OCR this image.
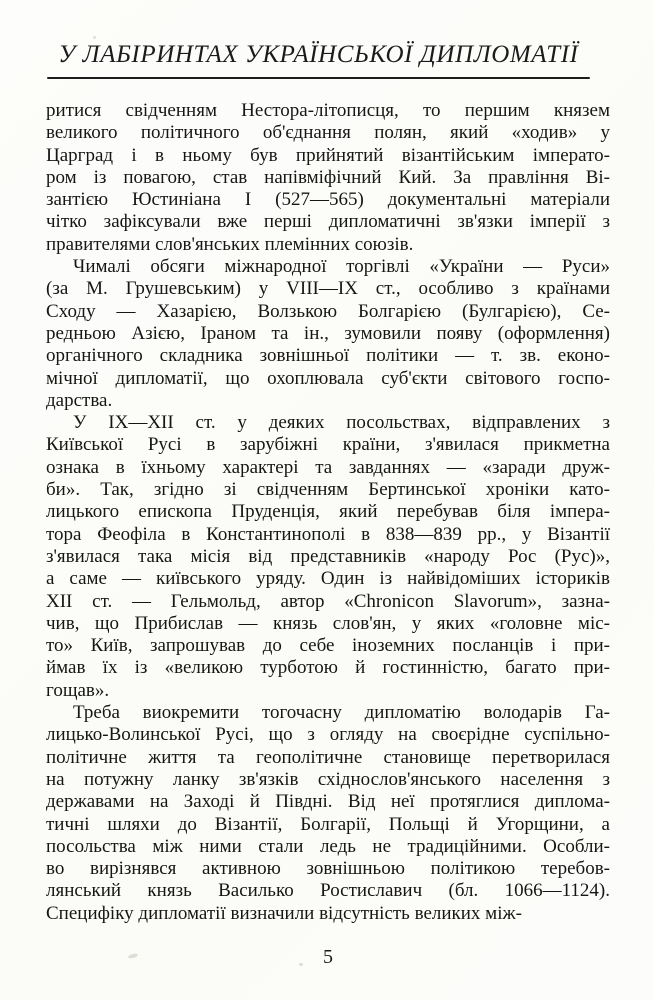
У ЛАБІРИНТАХ УКРАЇНСЬКОЇ ДИПЛОМАТІЇ
ритися свідченням Нестора-літописця, то першим князем
великого політичного об'єднання полян, який «ходив» у
Царград і в ньому був прийнятий візантійським імперато-
ром із повагою, став напівміфічний Кий. За правління Ві-
зантією Юстиніана І (527—565) документальні матеріали
чітко зафіксували вже перші дипломатичні зв'язки імперії з
правителями слов'янських племінних союзів.
Чималі обсяги міжнародної торгівлі «України — Руси»
(за М. Грушевським) у VIII—IX ст., особливо з країнами
Сходу — Хазарією, Волзькою Болгарією (Булгарією), Се-
редньою Азією, Іраном та ін., зумовили появу (оформлення)
органічного складника зовнішньої політики — т. зв. еконо-
мічної дипломатії, що охоплювала суб'єкти світового госпо-
дарства.
У IX—XII ст. у деяких посольствах, відправлених з
Київської Русі в зарубіжні країни, з'явилася прикметна
ознака в їхньому характері та завданнях — «заради друж-
би». Так, згідно зі свідченням Бертинської хроніки като-
лицького епископа Пруденція, який перебував біля імпера-
тора Феофіла в Константинополі в 838—839 рр., у Візантії
з'явилася така місія від представників «народу Рос (Рус)»,
а саме — київського уряду. Один із найвідоміших істориків
XII ст. — Гельмольд, автор «Chronicon Slavorum», зазна-
чив, що Прибислав — князь слов'ян, у яких «головне міс-
то» Київ, запрошував до себе іноземних посланців і при-
ймав їх із «великою турботою й гостинністю, багато при-
гощав».
Треба виокремити тогочасну дипломатію володарів Га-
лицько-Волинської Русі, що з огляду на своєрідне суспільно-
політичне життя та геополітичне становище перетворилася
на потужну ланку зв'язків східнослов'янського населення з
державами на Заході й Півдні. Від неї протяглися диплома-
тичні шляхи до Візантії, Болгарії, Польщі й Угорщини, а
посольства між ними стали ледь не традиційними. Особли-
во вирізнявся активною зовнішньою політикою теребов-
лянський князь Василько Ростиславич (бл. 1066—1124).
Специфіку дипломатії визначили відсутність великих між-
5
